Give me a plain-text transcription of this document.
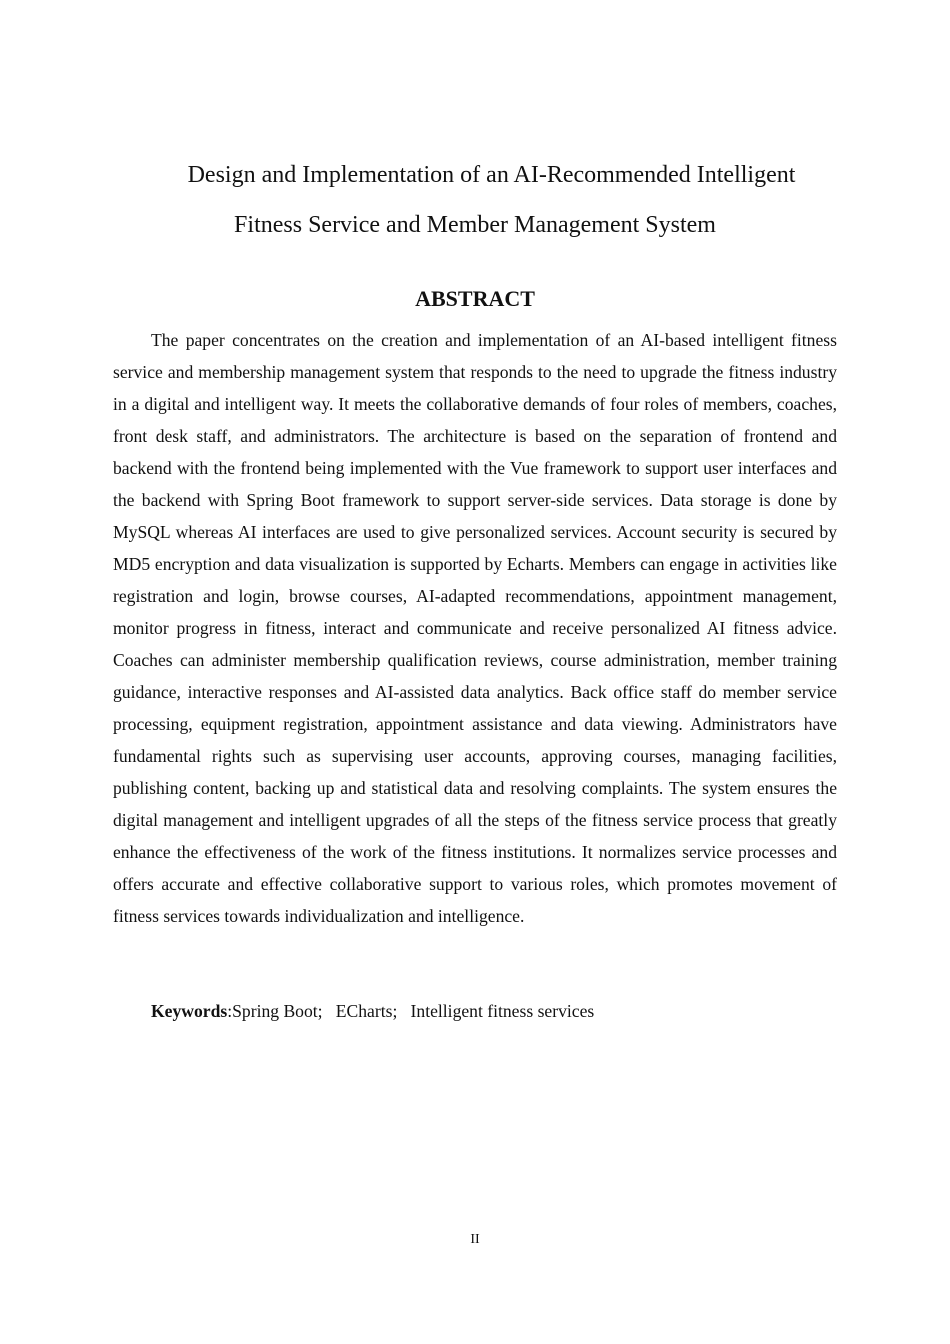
Design and Implementation of an AI-Recommended Intelligent
Fitness Service and Member Management System
ABSTRACT

The paper concentrates on the creation and implementation of an AI-based intelligent fitness service and membership management system that responds to the need to upgrade the fitness industry in a digital and intelligent way. It meets the collaborative demands of four roles of members, coaches, front desk staff, and administrators. The architecture is based on the separation of frontend and backend with the frontend being implemented with the Vue framework to support user interfaces and the backend with Spring Boot framework to support server-side services. Data storage is done by MySQL whereas AI interfaces are used to give personalized services. Account security is secured by MD5 encryption and data visualization is supported by Echarts. Members can engage in activities like registration and login, browse courses, AI-adapted recommendations, appointment management, monitor progress in fitness, interact and communicate and receive personalized AI fitness advice. Coaches can administer membership qualification reviews, course administration, member training guidance, interactive responses and AI-assisted data analytics. Back office staff do member service processing, equipment registration, appointment assistance and data viewing. Administrators have fundamental rights such as supervising user accounts, approving courses, managing facilities, publishing content, backing up and statistical data and resolving complaints. The system ensures the digital management and intelligent upgrades of all the steps of the fitness service process that greatly enhance the effectiveness of the work of the fitness institutions. It normalizes service processes and offers accurate and effective collaborative support to various roles, which promotes movement of fitness services towards individualization and intelligence.

Keywords:Spring Boot;   ECharts;   Intelligent fitness services

II
